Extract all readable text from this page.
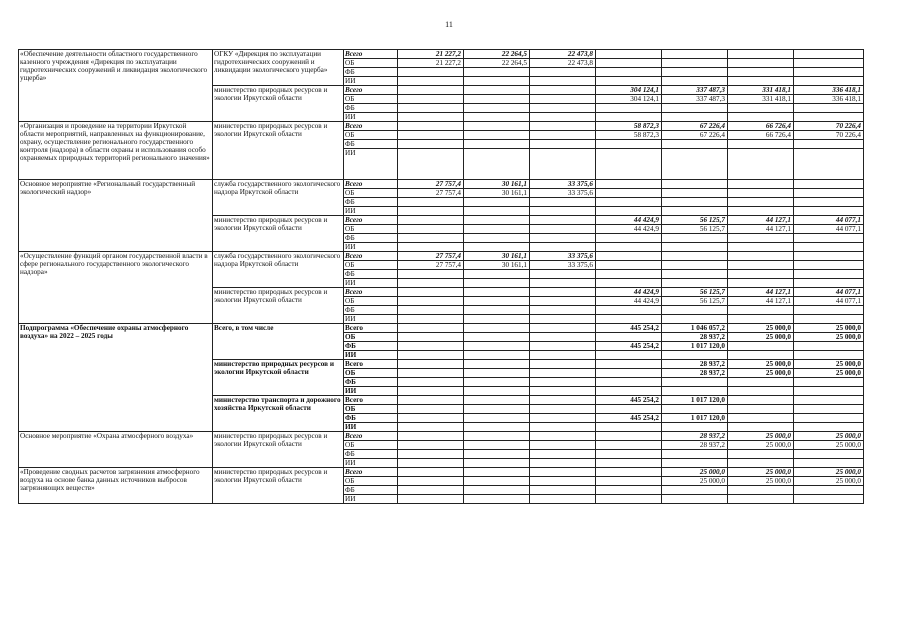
11
«Обеспечение деятельности областного государственного казенного учреждения «Дирекция по эксплуатации гидротехнических сооружений и ликвидация экологического ущерба»	ОГКУ «Дирекция по эксплуатации гидротехнических сооружений и ликвидации экологического ущерба»	Всего	21 227,2	22 264,5	22 473,8				
		ОБ	21 227,2	22 264,5	22 473,8				
		ФБ							
		ИИ							
	министерство природных ресурсов и экологии Иркутской области	Всего				304 124,1	337 487,3	331 418,1	336 418,1
		ОБ				304 124,1	337 487,3	331 418,1	336 418,1
		ФБ							
		ИИ							
«Организация и проведение на территории Иркутской области мероприятий, направленных на функционирование, охрану, осуществление регионального государственного контроля (надзора) в области охраны и использования особо охраняемых природных территорий регионального значения»	министерство природных ресурсов и экологии Иркутской области	Всего				58 872,3	67 226,4	66 726,4	70 226,4
		ОБ				58 872,3	67 226,4	66 726,4	70 226,4
		ФБ							
		ИИ							
Основное мероприятие «Региональный государственный экологический надзор»	служба государственного экологического надзора Иркутской области	Всего	27 757,4	30 161,1	33 375,6				
		ОБ	27 757,4	30 161,1	33 375,6				
		ФБ							
		ИИ							
	министерство природных ресурсов и экологии Иркутской области	Всего				44 424,9	56 125,7	44 127,1	44 077,1
		ОБ				44 424,9	56 125,7	44 127,1	44 077,1
		ФБ							
		ИИ							
«Осуществление функций органом государственной власти в сфере регионального государственного экологического надзора»	служба государственного экологического надзора Иркутской области	Всего	27 757,4	30 161,1	33 375,6				
		ОБ	27 757,4	30 161,1	33 375,6				
		ФБ							
		ИИ							
	министерство природных ресурсов и экологии Иркутской области	Всего				44 424,9	56 125,7	44 127,1	44 077,1
		ОБ				44 424,9	56 125,7	44 127,1	44 077,1
		ФБ							
		ИИ							
Подпрограмма «Обеспечение охраны атмосферного воздуха» на 2022 – 2025 годы	Всего, в том числе	Всего				445 254,2	1 046 057,2	25 000,0	25 000,0
		ОБ					28 937,2	25 000,0	25 000,0
		ФБ				445 254,2	1 017 120,0		
		ИИ							
	министерство природных ресурсов и экологии Иркутской области	Всего					28 937,2	25 000,0	25 000,0
		ОБ					28 937,2	25 000,0	25 000,0
		ФБ							
		ИИ							
	министерство транспорта и дорожного хозяйства Иркутской области	Всего				445 254,2	1 017 120,0		
		ОБ							
		ФБ				445 254,2	1 017 120,0		
		ИИ							
Основное мероприятие «Охрана атмосферного воздуха»	министерство природных ресурсов и экологии Иркутской области	Всего					28 937,2	25 000,0	25 000,0
		ОБ					28 937,2	25 000,0	25 000,0
		ФБ							
		ИИ							
«Проведение сводных расчетов загрязнения атмосферного воздуха на основе банка данных источников выбросов загрязняющих веществ»	министерство природных ресурсов и экологии Иркутской области	Всего					25 000,0	25 000,0	25 000,0
		ОБ					25 000,0	25 000,0	25 000,0
		ФБ							
		ИИ							
